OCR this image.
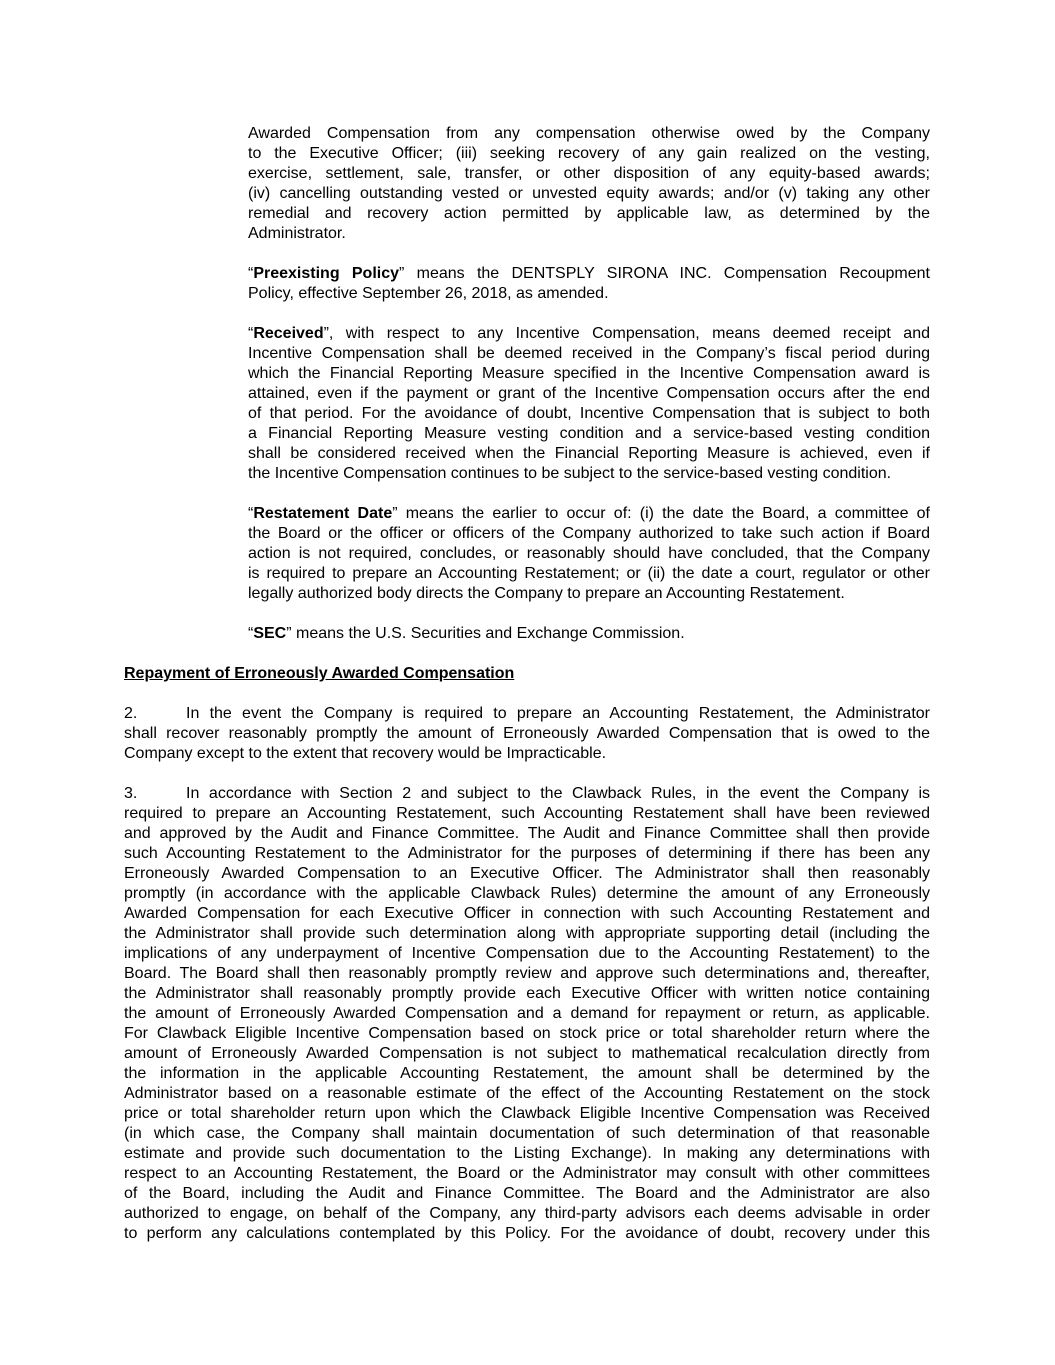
Awarded Compensation from any compensation otherwise owed by the Company
to the Executive Officer; (iii) seeking recovery of any gain realized on the vesting,
exercise, settlement, sale, transfer, or other disposition of any equity-based awards;
(iv) cancelling outstanding vested or unvested equity awards; and/or (v) taking any other
remedial and recovery action permitted by applicable law, as determined by the
Administrator.
“Preexisting Policy” means the DENTSPLY SIRONA INC. Compensation Recoupment
Policy, effective September 26, 2018, as amended.
“Received”, with respect to any Incentive Compensation, means deemed receipt and
Incentive Compensation shall be deemed received in the Company’s fiscal period during
which the Financial Reporting Measure specified in the Incentive Compensation award is
attained, even if the payment or grant of the Incentive Compensation occurs after the end
of that period. For the avoidance of doubt, Incentive Compensation that is subject to both
a Financial Reporting Measure vesting condition and a service-based vesting condition
shall be considered received when the Financial Reporting Measure is achieved, even if
the Incentive Compensation continues to be subject to the service-based vesting condition.
“Restatement Date” means the earlier to occur of: (i) the date the Board, a committee of
the Board or the officer or officers of the Company authorized to take such action if Board
action is not required, concludes, or reasonably should have concluded, that the Company
is required to prepare an Accounting Restatement; or (ii) the date a court, regulator or other
legally authorized body directs the Company to prepare an Accounting Restatement.
“SEC” means the U.S. Securities and Exchange Commission.
Repayment of Erroneously Awarded Compensation
2.	In the event the Company is required to prepare an Accounting Restatement, the Administrator
shall recover reasonably promptly the amount of Erroneously Awarded Compensation that is owed to the
Company except to the extent that recovery would be Impracticable.
3.	In accordance with Section 2 and subject to the Clawback Rules, in the event the Company is
required to prepare an Accounting Restatement, such Accounting Restatement shall have been reviewed
and approved by the Audit and Finance Committee. The Audit and Finance Committee shall then provide
such Accounting Restatement to the Administrator for the purposes of determining if there has been any
Erroneously Awarded Compensation to an Executive Officer. The Administrator shall then reasonably
promptly (in accordance with the applicable Clawback Rules) determine the amount of any Erroneously
Awarded Compensation for each Executive Officer in connection with such Accounting Restatement and
the Administrator shall provide such determination along with appropriate supporting detail (including the
implications of any underpayment of Incentive Compensation due to the Accounting Restatement) to the
Board. The Board shall then reasonably promptly review and approve such determinations and, thereafter,
the Administrator shall reasonably promptly provide each Executive Officer with written notice containing
the amount of Erroneously Awarded Compensation and a demand for repayment or return, as applicable.
For Clawback Eligible Incentive Compensation based on stock price or total shareholder return where the
amount of Erroneously Awarded Compensation is not subject to mathematical recalculation directly from
the information in the applicable Accounting Restatement, the amount shall be determined by the
Administrator based on a reasonable estimate of the effect of the Accounting Restatement on the stock
price or total shareholder return upon which the Clawback Eligible Incentive Compensation was Received
(in which case, the Company shall maintain documentation of such determination of that reasonable
estimate and provide such documentation to the Listing Exchange). In making any determinations with
respect to an Accounting Restatement, the Board or the Administrator may consult with other committees
of the Board, including the Audit and Finance Committee. The Board and the Administrator are also
authorized to engage, on behalf of the Company, any third-party advisors each deems advisable in order
to perform any calculations contemplated by this Policy. For the avoidance of doubt, recovery under this
